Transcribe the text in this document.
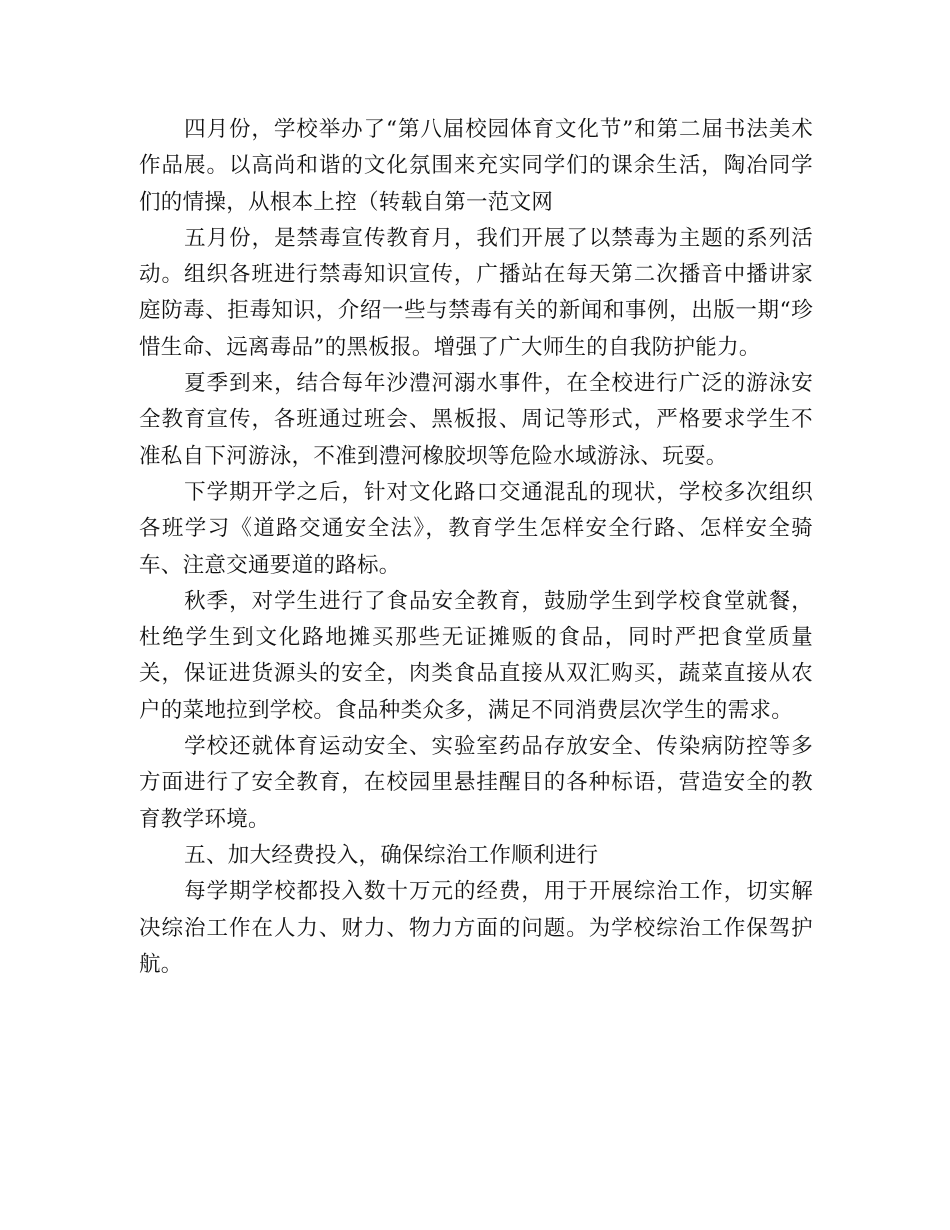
四月份，学校举办了“第八届校园体育文化节”和第二届书法美术作品展。以高尚和谐的文化氛围来充实同学们的课余生活，陶冶同学们的情操，从根本上控（转载自第一范文网

五月份，是禁毒宣传教育月，我们开展了以禁毒为主题的系列活动。组织各班进行禁毒知识宣传，广播站在每天第二次播音中播讲家庭防毒、拒毒知识，介绍一些与禁毒有关的新闻和事例，出版一期“珍惜生命、远离毒品”的黑板报。增强了广大师生的自我防护能力。

夏季到来，结合每年沙澧河溺水事件，在全校进行广泛的游泳安全教育宣传，各班通过班会、黑板报、周记等形式，严格要求学生不准私自下河游泳，不准到澧河橡胶坝等危险水域游泳、玩耍。

下学期开学之后，针对文化路口交通混乱的现状，学校多次组织各班学习《道路交通安全法》，教育学生怎样安全行路、怎样安全骑车、注意交通要道的路标。

秋季，对学生进行了食品安全教育，鼓励学生到学校食堂就餐，杜绝学生到文化路地摊买那些无证摊贩的食品，同时严把食堂质量关，保证进货源头的安全，肉类食品直接从双汇购买，蔬菜直接从农户的菜地拉到学校。食品种类众多，满足不同消费层次学生的需求。

学校还就体育运动安全、实验室药品存放安全、传染病防控等多方面进行了安全教育，在校园里悬挂醒目的各种标语，营造安全的教育教学环境。

五、加大经费投入，确保综治工作顺利进行

每学期学校都投入数十万元的经费，用于开展综治工作，切实解决综治工作在人力、财力、物力方面的问题。为学校综治工作保驾护航。
